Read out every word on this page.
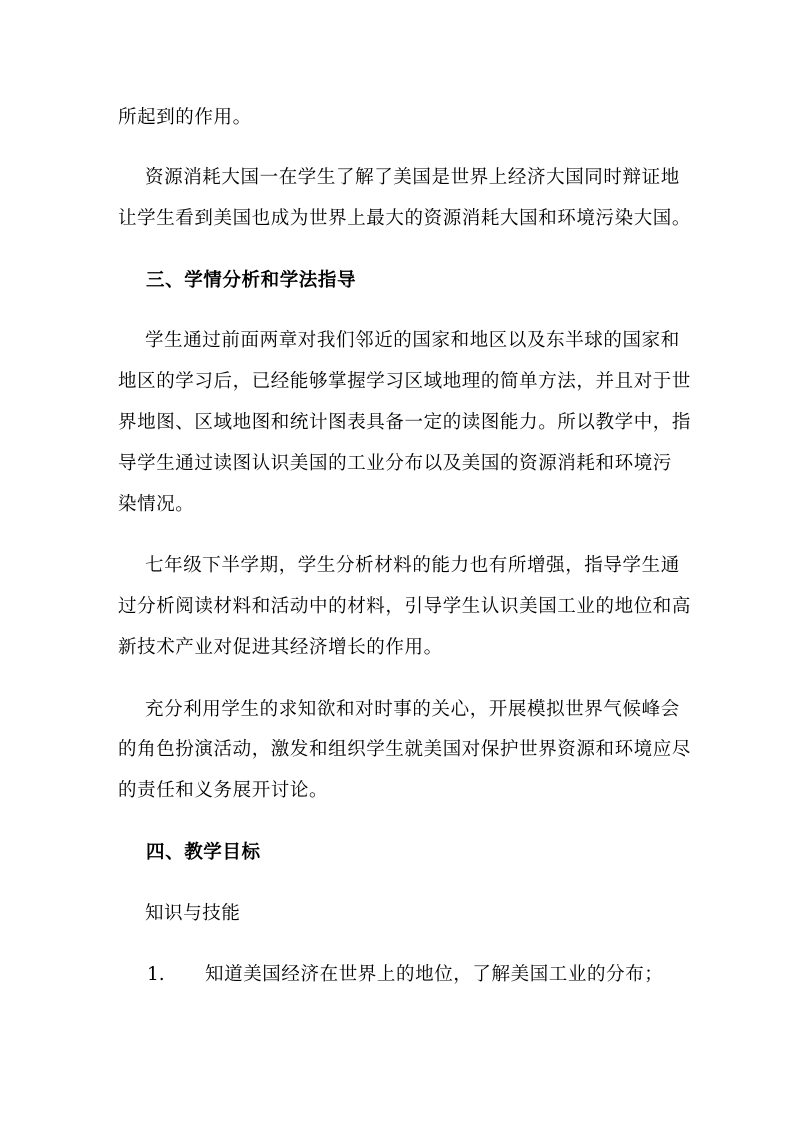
所起到的作用。
资源消耗大国一在学生了解了美国是世界上经济大国同时辩证地
让学生看到美国也成为世界上最大的资源消耗大国和环境污染大国。
三、学情分析和学法指导
学生通过前面两章对我们邻近的国家和地区以及东半球的国家和
地区的学习后，已经能够掌握学习区域地理的简单方法，并且对于世
界地图、区域地图和统计图表具备一定的读图能力。所以教学中，指
导学生通过读图认识美国的工业分布以及美国的资源消耗和环境污
染情况。
七年级下半学期，学生分析材料的能力也有所增强，指导学生通
过分析阅读材料和活动中的材料，引导学生认识美国工业的地位和高
新技术产业对促进其经济增长的作用。
充分利用学生的求知欲和对时事的关心，开展模拟世界气候峰会
的角色扮演活动，激发和组织学生就美国对保护世界资源和环境应尽
的责任和义务展开讨论。
四、教学目标
知识与技能
1. 知道美国经济在世界上的地位，了解美国工业的分布；
